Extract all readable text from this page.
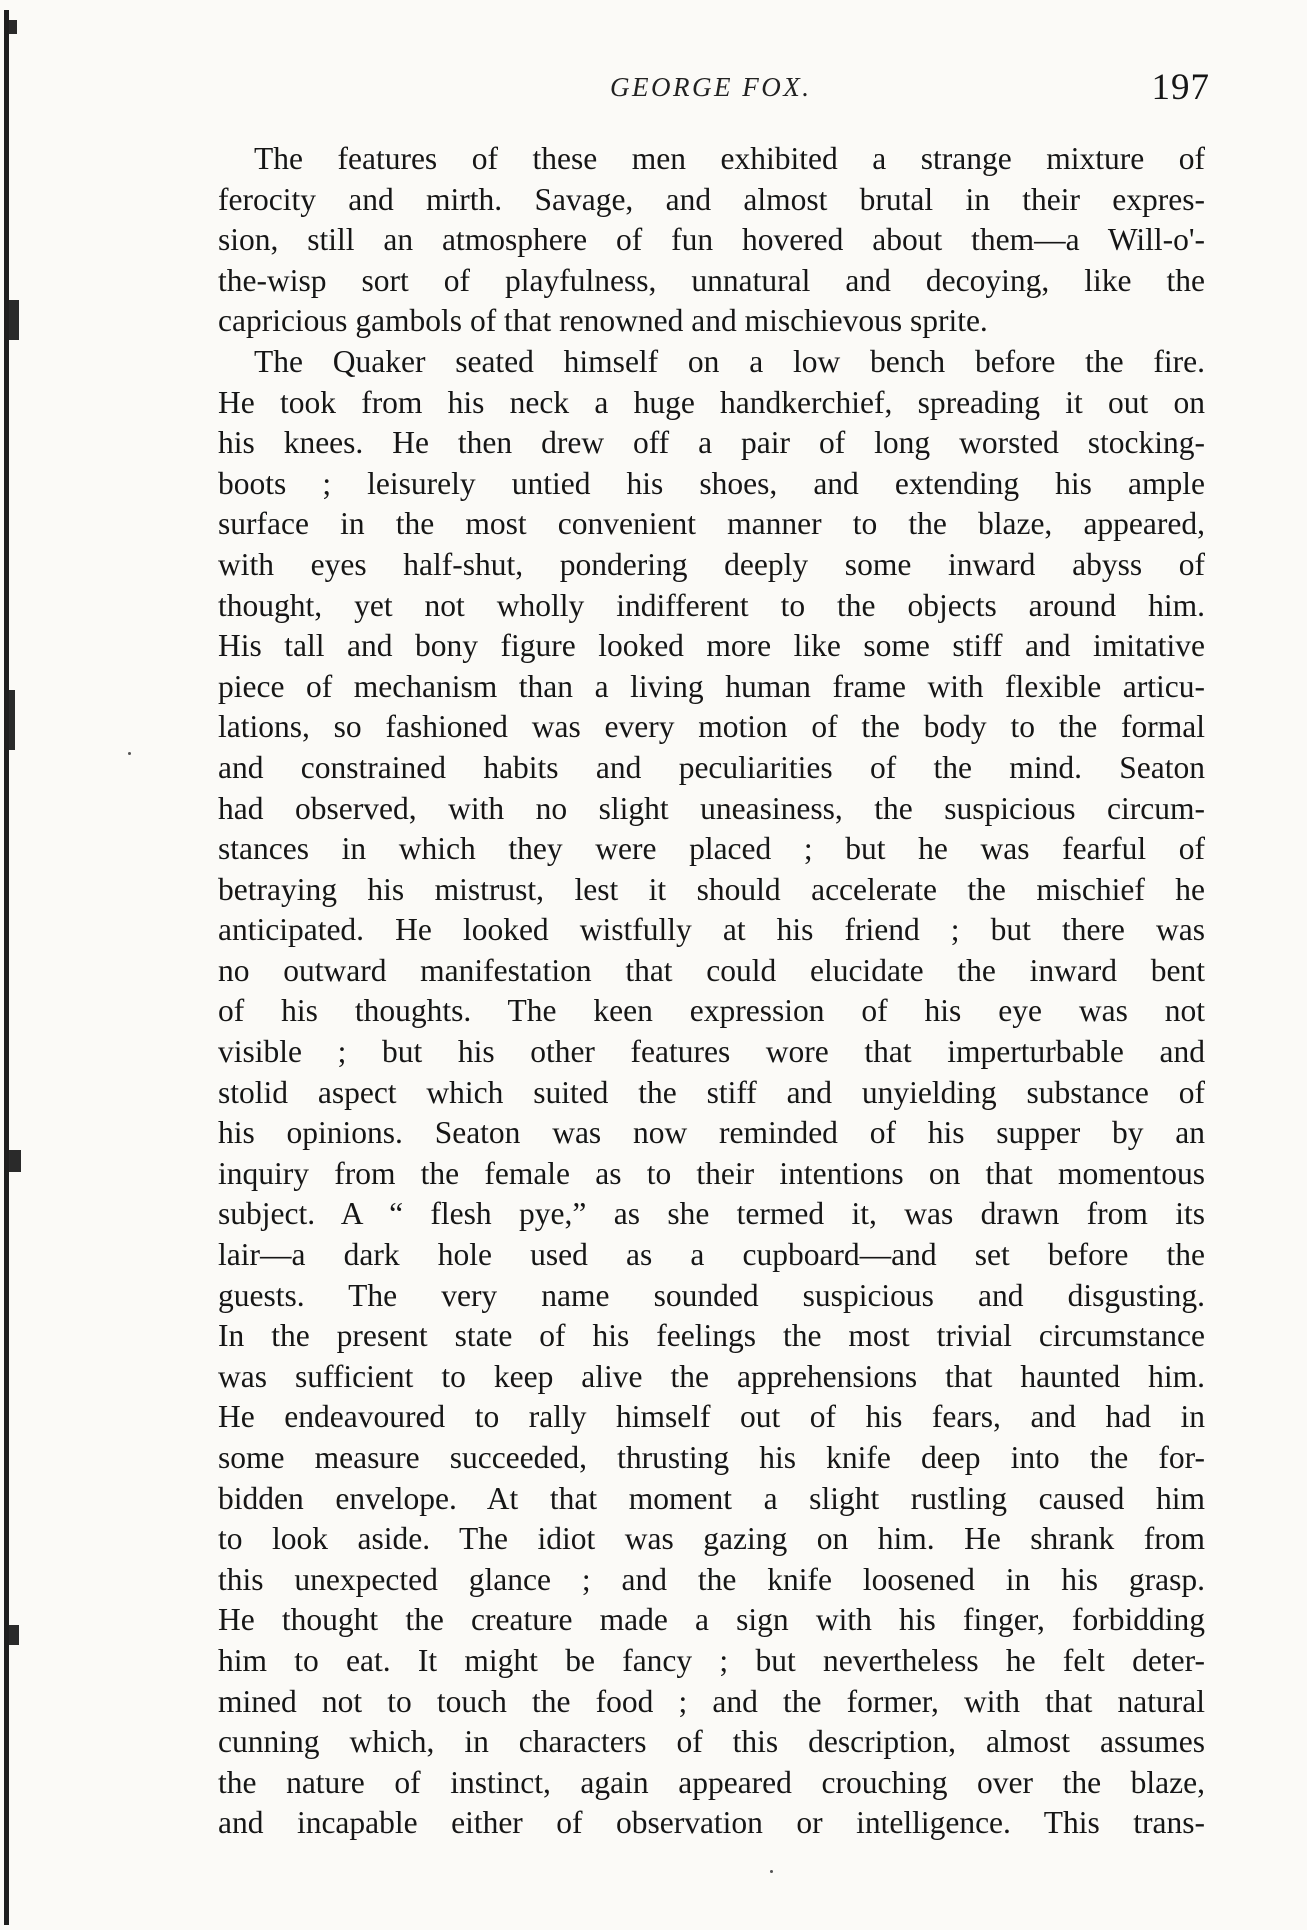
GEORGE FOX.	197
The features of these men exhibited a strange mixture of
ferocity and mirth. Savage, and almost brutal in their expres-
sion, still an atmosphere of fun hovered about them—a Will-o'-
the-wisp sort of playfulness, unnatural and decoying, like the
capricious gambols of that renowned and mischievous sprite.
The Quaker seated himself on a low bench before the fire.
He took from his neck a huge handkerchief, spreading it out on
his knees. He then drew off a pair of long worsted stocking-
boots ; leisurely untied his shoes, and extending his ample
surface in the most convenient manner to the blaze, appeared,
with eyes half-shut, pondering deeply some inward abyss of
thought, yet not wholly indifferent to the objects around him.
His tall and bony figure looked more like some stiff and imitative
piece of mechanism than a living human frame with flexible articu-
lations, so fashioned was every motion of the body to the formal
and constrained habits and peculiarities of the mind. Seaton
had observed, with no slight uneasiness, the suspicious circum-
stances in which they were placed ; but he was fearful of
betraying his mistrust, lest it should accelerate the mischief he
anticipated. He looked wistfully at his friend ; but there was
no outward manifestation that could elucidate the inward bent
of his thoughts. The keen expression of his eye was not
visible ; but his other features wore that imperturbable and
stolid aspect which suited the stiff and unyielding substance of
his opinions. Seaton was now reminded of his supper by an
inquiry from the female as to their intentions on that momentous
subject. A “ flesh pye,” as she termed it, was drawn from its
lair—a dark hole used as a cupboard—and set before the
guests. The very name sounded suspicious and disgusting.
In the present state of his feelings the most trivial circumstance
was sufficient to keep alive the apprehensions that haunted him.
He endeavoured to rally himself out of his fears, and had in
some measure succeeded, thrusting his knife deep into the for-
bidden envelope. At that moment a slight rustling caused him
to look aside. The idiot was gazing on him. He shrank from
this unexpected glance ; and the knife loosened in his grasp.
He thought the creature made a sign with his finger, forbidding
him to eat. It might be fancy ; but nevertheless he felt deter-
mined not to touch the food ; and the former, with that natural
cunning which, in characters of this description, almost assumes
the nature of instinct, again appeared crouching over the blaze,
and incapable either of observation or intelligence. This trans-
